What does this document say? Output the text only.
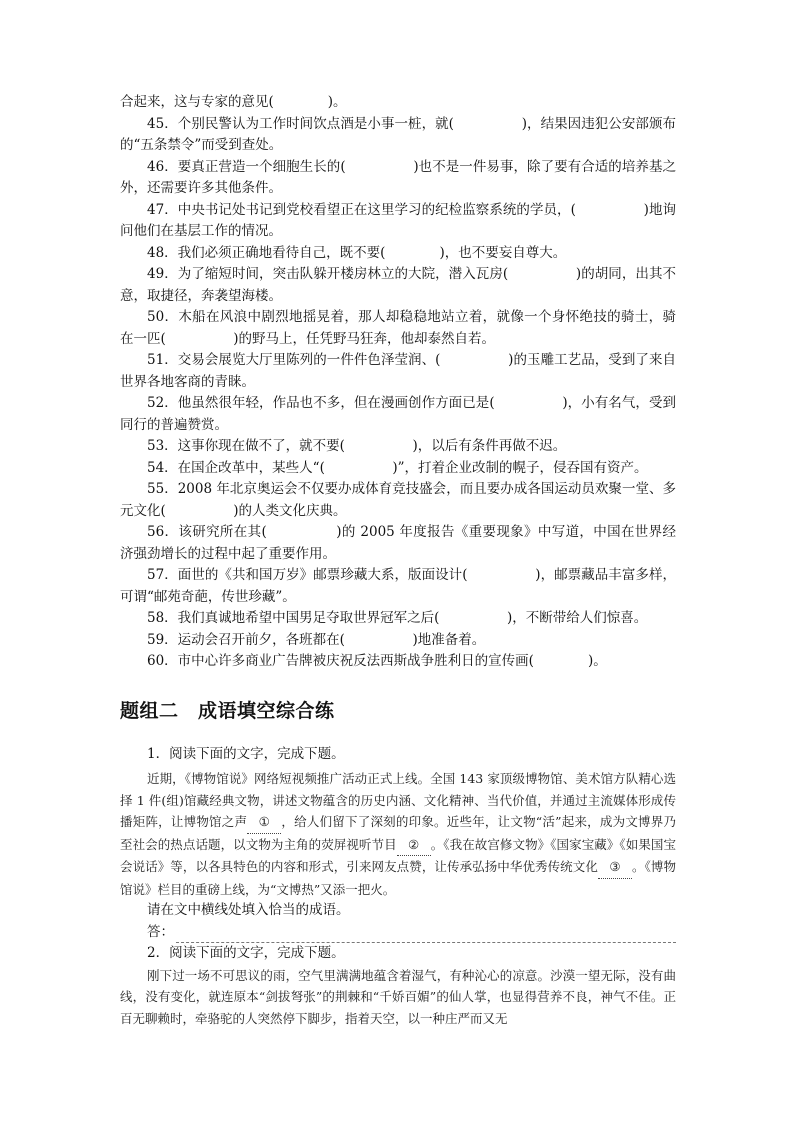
合起来，这与专家的意见(　　　　)。

45．个别民警认为工作时间饮点酒是小事一桩，就(　　　　　)，结果因违犯公安部颁布的“五条禁令”而受到查处。

46．要真正营造一个细胞生长的(　　　　　)也不是一件易事，除了要有合适的培养基之外，还需要许多其他条件。

47．中央书记处书记到党校看望正在这里学习的纪检监察系统的学员，(　　　　　)地询问他们在基层工作的情况。

48．我们必须正确地看待自己，既不要(　　　　)，也不要妄自尊大。

49．为了缩短时间，突击队躲开楼房林立的大院，潜入瓦房(　　　　　)的胡同，出其不意，取捷径，奔袭望海楼。

50．木船在风浪中剧烈地摇晃着，那人却稳稳地站立着，就像一个身怀绝技的骑士，骑在一匹(　　　　　)的野马上，任凭野马狂奔，他却泰然自若。

51．交易会展览大厅里陈列的一件件色泽莹润、(　　　　　)的玉雕工艺品，受到了来自世界各地客商的青睐。

52．他虽然很年轻，作品也不多，但在漫画创作方面已是(　　　　　)，小有名气，受到同行的普遍赞赏。

53．这事你现在做不了，就不要(　　　　　)，以后有条件再做不迟。

54．在国企改革中，某些人“(　　　　　)”，打着企业改制的幌子，侵吞国有资产。

55．2008 年北京奥运会不仅要办成体育竞技盛会，而且要办成各国运动员欢聚一堂、多元文化(　　　　　)的人类文化庆典。

56．该研究所在其(　　　　　)的 2005 年度报告《重要现象》中写道，中国在世界经济强劲增长的过程中起了重要作用。

57．面世的《共和国万岁》邮票珍藏大系，版面设计(　　　　　)，邮票藏品丰富多样，可谓“邮苑奇葩，传世珍藏”。

58．我们真诚地希望中国男足夺取世界冠军之后(　　　　　)，不断带给人们惊喜。

59．运动会召开前夕，各班都在(　　　　　)地准备着。

60．市中心许多商业广告牌被庆祝反法西斯战争胜利日的宣传画(　　　　)。

题组二　成语填空综合练

1．阅读下面的文字，完成下题。

近期，《博物馆说》网络短视频推广活动正式上线。全国 143 家顶级博物馆、美术馆方队精心选择 1 件(组)馆藏经典文物，讲述文物蕴含的历史内涵、文化精神、当代价值，并通过主流媒体形成传播矩阵，让博物馆之声 ① ，给人们留下了深刻的印象。近些年，让文物“活”起来，成为文博界乃至社会的热点话题，以文物为主角的荧屏视听节目 ② 。《我在故宫修文物》《国家宝藏》《如果国宝会说话》等，以各具特色的内容和形式，引来网友点赞，让传承弘扬中华优秀传统文化 ③ 。《博物馆说》栏目的重磅上线，为“文博热”又添一把火。

请在文中横线处填入恰当的成语。

答：

2．阅读下面的文字，完成下题。

刚下过一场不可思议的雨，空气里满满地蕴含着湿气，有种沁心的凉意。沙漠一望无际，没有曲线，没有变化，就连原本“剑拔弩张”的荆棘和“千娇百媚”的仙人掌，也显得营养不良，神气不佳。正百无聊赖时，牵骆驼的人突然停下脚步，指着天空，以一种庄严而又无
